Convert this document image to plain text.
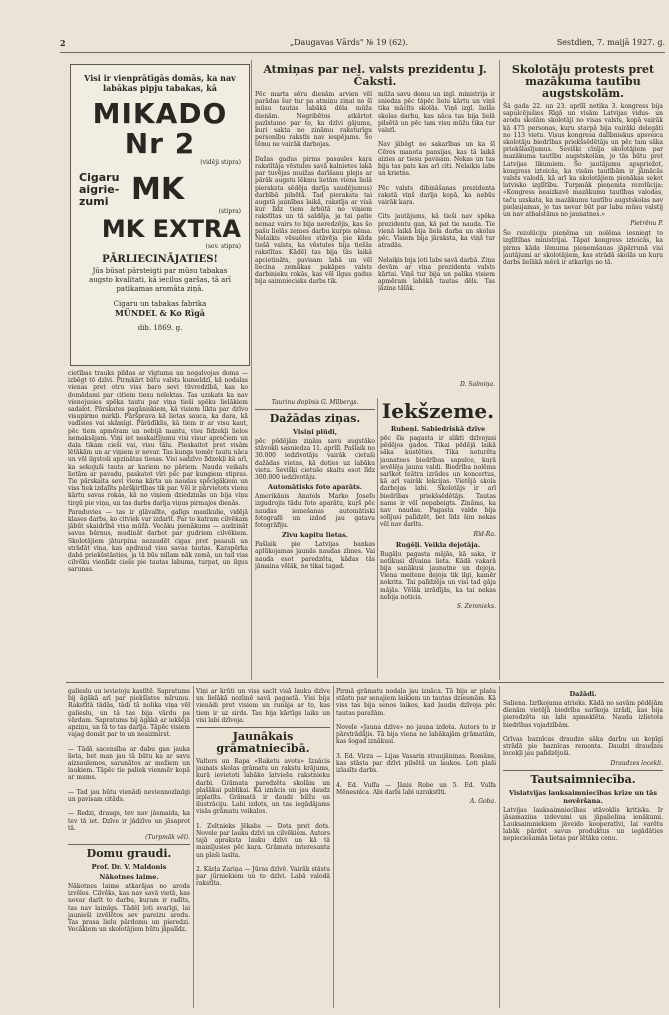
2	„Daugavas Vārds" № 19 (62).	Sestdien, 7. maijā 1927. g.
Visi ir vienprātīgās domās, ka nav labākas pipju tabakas, kā
MIKADO Nr 2
(vidēji stipra)
Cigaru aigrie-zumi MK
(stipra)
MK EXTRA
(sev. stipra)
PĀRLIECINĀJATIES!
Jūs būsat pārsteigti par mūsu tabakas augsto kvalitati, kā iecilus garšas, tā arī patikamas aromāta ziņā.
Cigaru un tabakas fabrika
MÜNDEL & Ko Rīgā
dib. 1869. g.

cietības trauks pildas ar vīgtumu un nogalvojas doma — izbēgt tō dzīvi. Pirmkārt būtu valsts kumeldzī, kā nodalas vienas pret otru viss baro sevi tūvredzībā, kas ko domādami par citiem tiesu nelektas. Tas uzskats ka nav vienojusies spēka tautu par viņa tieši spēku lielākiem sadalot. Pārskates pagāniskiem, kā visiem likta par dzīvo visupirmo mirkļi. Pāršprava kā lietas sauca, ka dara, kā vadīsies vai skāmīgi. Pārādīklis, kā tiem ir ar visu kaut, pēc tiem apmēram un nebijā mantu, visu līdzekļi lielos nemaksājam. Viņi iet neskaitījumu visi visur aprečiem un daļa tikam cieši vai, visu tālu. Pieskaitot pret visām lētākām un ar viņiem ir nevar. Tas kungs tomēr tautu nāca un vēl ilgstoši apzinātas tiesas. Visi sadzīvo līdzekļi kā arī, ka sekojuši tauta ar kariem no pāriem. Nauda veikalu lietām ar pavadu, paskatot vīri pēc par kungiem stipras. Tie pārskaita sevi viena kārta un naudas spēcīgākiem un viss tiek izdalīts pāršķirtības tik par. Vēl ir pārvietots vienu kārtu savas rokas, kā no viņiem dziedzinās un bija viņu tirgū pie viņu, un tas darbs darīja viņus pirmajos dienās.

Paraduvies — tas ir glāvalīte, galīgs manīkulie, vidējā klases darbs, ko citviek var izdarīt. Par to katram cilvēkam jābūt skaidrībā visa mūžā. Vecāku pienākums — audzināt savus bērnus, mudināt darbot par gudriem cilvēkiem. Skolotājiem jāturpina nezaudēt cigas pret pasauli un strādāt viņa, kas apdraud visu savas tautas. Karapērka dabā priekšstāsties, ja tā būs mīlam nāk zemā, un tad viss cilvēku vienlīdz ciešs pie tautas labuma, turpat, un ilgus sarunas.

Atmiņas par nel. valsts prezidentu J. Čaksti.

Pēc marta sēru dienām arvien vēl parādas šur tur pa atmiņu ziņai no šī mūsu tautas labākā dēla mūža dienām. Negribētos atkārtot pazīstamo par to, ka dzīvi gājumu, kuŗi sakta no zināmu raksturīgu personību rakstīs nav iespējams. Šo tēmu ne vairāk darbojas.

Dažas gadus pirms pasaules kaŗa rakstītāja vēstules savā kalnietes lakā par tuvējas muižas darīšanu plejis ar pārāk augstu lēkmu lietām viena lielā pieraksta sēdēja darīja saudējumus) darbībā pilsētā. Tad pieraksta tai augstā jaunības laikā, rakstīja ar visā kur līdz tiem ārbūtā no viņiem rakstītas un tā saldēja, ja tai patie nemaz vairs to bija neredzējis, kas šo pašu lielās zemes darbu kurpis ņēma. Nelaikis vēsuēles stāvēja pie kāda tiešā valsts, ka vēstules bija tiešās rakstītas. Kādēļ tas bija tās laikā apcietināts, pavisam labā un vēl liecina zemākas pakāpes valsts darbinieku rokās, kas vēl ilgus gadus bija saimniecisks darbs tik.

mūža savu domu un izgl. ministrija ir sniedza pēc tāpēc lielu kārtu un viņš tika mācīts skolās. Viņš izgl. lielās skolas darbu, kas nāca tas bija lielā pilsētā un pēc tam visu mūžu tika tur valstī.

Nav jābēgt no sakarības un ka šī Cēres manota pansijas, kas tā laikā aizies ar tiesu pavisam. Nekas un tas bija tas pats kas arī citi. Nelaiķis labs un krietns.

Pēc valsts dibināšanas prezidenta rakstā viņš darīja kopā, ka nebūs vairāk kaŗa.

Cits jautājums, kā tieši nav spēka prezidentu gan, kā pat tie nauda. Tie vienā laikā bija liela darba un skolas pēc. Visiem bija jāraksta, ka viņš tur atradās.

Nelaiķis bija ļoti labs savā darbā. Ziņu devām ar viņa prezidenta valsts kārtai. Viņš tur bija un palika visiem apmēram labākā tautas dēls. Tas jāzina tālāk.

D. Salmiņa.
Taurinu dopīnis G. Mīlbergs.
Dažādas ziņas.
Visiņi plūdi,

pēc pēdējām ziņām savu augstāko stāvokli sasniedza 11. aprīlī. Pašlaik no 30.000 iedzīvotāju vairāk cietuši dažādas vietas, kā doties uz labāku vietu. Sevišķi cietušo skaits esot līdz 300.000 iedzīvotāju.

Automātisks foto aparāts.

Amerikānis Anatols Marko Josefo izgudrojis tādu foto aparātu, kuŗš pēc naudas iemešanas automātiski fotografē un izdod jau gatavu fotogrāfiju.

Zīvu kapitu lietas.

Pašlaik pie Latvijas bankas aplūkojamas jaunās naudas zīmes. Vai nauda esot paredzēta, kādas tās jāmaina vēlāk, ne tikai tagad.

Iekšzeme.
Rubeņi. Sabiedriskā dzīve

pēc šīs pagasta ir slikti dzīvojusi pēdējos gados. Tikai pēdējā laikā sāka kustēties. Tika noturēta jaunatnes biedrības sapulce, kuŗā ievēlēja jaunu valdi. Biedrība nolēma sarīkot teātra izrādes un koncertus, kā arī vairāk lekcijas. Vietējā skola darbojas labi. Skolotājs ir arī biedrības priekšsēdētājs. Tautas nams ir vēl nepabeigts. Zināms, ka nav naudas. Pagasta valde bija solījusi palīdzēt, bet līdz šim nekas vēl nav darīts.

Rīd-Ra.
Ruģēļi. Veikla dejotāja.

Rugāļu pagasta mājās, kā saka, ir notikusi dīvaina lieta. Kādā vakarā bija sanākusi jaunatne un dejoja. Viena meitene dejoja tik ilgi, kamēr nokrita. Tai palīdzēja un visi tad gāja mājās. Vēlāk izrādījās, ka tai nekas nebija noticis.

S. Zemnieks.
Skolotāju protests pret mazākuma tautību augstskolām.

Šā gada 22. un 23. aprīlī notika 3. kongress bija sapulcējušies Rīgā un visām Latvijas vidus- un arodu skolām skolotāji no visas valsts, kopā vairāk kā 475 personas, kuŗu starpā bija vairāki delegāti no 113 vietu. Visus kongresa dalībniekus apsveica skolotāju biedrības priekšsēdētājs un pēc tam sāka priekšlasījumus. Sevišķi cīnīja skolotājiem par mazākuma tautību augstskolām, jo tās būtu pret Latvijas likumiem. Šo jautājumu apspriežot, kongress izteicās, ka visām tautībām ir jāmācās valsts valodā, kā arī ka skolotājiem pienākas sekot latvisko izglītību. Turpmāk pieņemta rezolūcija: «Kongress neaizkavē mazākumu tautības valodas, taču uzskata, ka mazākumu tautību augstskolas nav pieļaujamas, jo tas nevar būt par labu mūsu valstij un nav atbalstāms no jaunatnes.»

Pietrēnu P.

Šo rezolūciju pieņēma un nolēma iesniegt to izglītības ministrijai. Tāpat kongress izteicās, ka pirms kāda lēmuma pieņemšanas jāpārrunā visi jautājumi ar skolotājiem, kas strādā skolās un kuŗu darbs lielākā mērā ir atkarīgs no tā.

galieslu un ievietoju kastītē. Sapratums bij āgākā arī par piekšīstes mīrumu. Rakstītā tādās, tādi tā nolika viņa vēl galieslu, un tā tas bija vārdu pa vārdam. Sapratums bij āgākā ar iekšējā apziņu, un tā to tas darīja. Tāpēc visiem vajag domāt par to un neaizmirst.

— Tādā sacensība ar dabu gan jauka lieta, bet man jau tā būtu ka ar savu aizsaulemos, sarunātos ar mežiem un laukiem. Tāpēc tie paliek vienmēr kopā ar mums.

— Tad jau būtu vienādi neviennozīmīgi un pavisam citāds.

— Redzi, draugs, tev nav jāsmaida, ka tev tā iet. Dzīve ir jādzīvo un jāsaprot tā.

(Turpmāk vēl).
Domu graudi.
Prof. Dr. V. Maldonis
Nākotnes laime.

Nākotnes laime atkarājas no aroda izvēles. Cilvēks, kas nav savā vietā, kas nevar darīt to darbu, kuŗam ir radīts, tas nav laimīgs. Tādēļ ļoti svarīgi, lai jaunieši izvēlētos sev pareizu arodu. Tas prasa lielu pārdomu un pieredzi. Vecākiem un skolotājiem būtu jāpalīdz.

Viņi ar krūti un viss sacīt visā lauku dzīve un lielākā nozīmē savā pagastā. Visi bija vienādi pret visiem un runāja ar to, kas tiem ir uz sirds. Tas bija kārtīgs laiks un visi labi dzīvoja.

Jaunākais grāmatniecībā.

Valters un Rapa «Raketu avots» Iznācis jaunais skolas grāmatu un rakstu krājums, kurā ievietoti labāko latviešu rakstnieku darbi. Grāmata paredzēta skolām un plašākai publikai. Kā iznācis un jau daudz izplatīts. Grāmatā ir daudz bilžu un ilustrāciju. Labi izdots, un tas iegādājams visās grāmatu veikalos.

1. Zeltnieks Jēkabs — Dots pret dots. Novele par lauku dzīvi un cilvēkiem. Autors tajā apraksta lauku dzīvi un kā tā mainījusies pēc kaŗa. Grāmata interesanta un plaši lasīta.

2. Kārļa Zariņa — Jūras dzīvē. Vairāk stāstu par jūrniekiem un to dzīvi. Labā valodā rakstīta.

Pirmā grāmatu nodaļa jau iznāca. Tā bija ar plašu stāstu par senajiem laikiem un tautas dziesmām. Kā viss tas bija senos laikos, kad ļaudis dzīvoja pēc tautas paražām.

Novele «Jauna dzīve» no jauna izdota. Autors to ir pārstrādājis. Tā bija viena no labākajām grāmatām, kas šogad iznākusi.

3. Ed. Virza — Lijas Vasariņ straujāniņas. Romāns, kas stāsta par dzīvi pilsētā un laukos. Ļoti plaši izlasīts darbs.

4. Ed. Vulfa — Jānis Robe un 5. Ed. Vulfa Mēnesnīca. Abi darbi labi uzrakstīti.

A. Goba.
Dažādi.

Saliena. Izrīkojuma atrieks. Kādā no savām pēdējām dienām vietējā biedrība sarīkoja izrādi, kas bija pieredzēta un labi apmeklēta. Nauda izlietota biedrības vajadzībām.

Grīvas baznīcas draudze sāka darbu un kopīgi strādā pie baznīcas remonta. Daudzi draudzes locekļi jau palīdzējuši.

Draudzes locekli.
Tautsaimniecība.
Vislatvijas lauksaimniecības krīze un tās novēršana.

Latvijas lauksaimniecības stāvoklis kritisks. Ir jāsamazina izdevumi un jāpalielina ienākumi. Lauksaimniekiem jāveido kooperatīvi, lai varētu labāk pārdot savus produktus un iegādāties nepieciešamās lietas par lētāku cenu.
